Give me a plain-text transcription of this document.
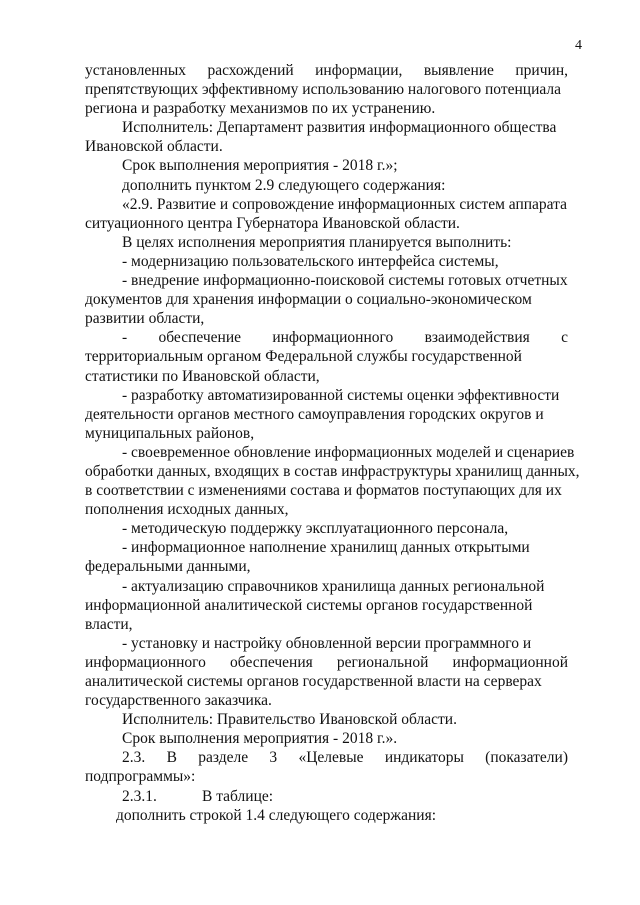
4
установленных расхождений информации, выявление причин,
препятствующих эффективному использованию налогового потенциала
региона и разработку механизмов по их устранению.
Исполнитель: Департамент развития информационного общества
Ивановской области.
Срок выполнения мероприятия - 2018 г.»;
дополнить пунктом 2.9 следующего содержания:
«2.9. Развитие и сопровождение информационных систем аппарата
ситуационного центра Губернатора Ивановской области.
В целях исполнения мероприятия планируется выполнить:
- модернизацию пользовательского интерфейса системы,
- внедрение информационно-поисковой системы готовых отчетных
документов для хранения информации о социально-экономическом
развитии области,
- обеспечение информационного взаимодействия с
территориальным органом Федеральной службы государственной
статистики по Ивановской области,
- разработку автоматизированной системы оценки эффективности
деятельности органов местного самоуправления городских округов и
муниципальных районов,
- своевременное обновление информационных моделей и сценариев
обработки данных, входящих в состав инфраструктуры хранилищ данных,
в соответствии с изменениями состава и форматов поступающих для их
пополнения исходных данных,
- методическую поддержку эксплуатационного персонала,
- информационное наполнение хранилищ данных открытыми
федеральными данными,
- актуализацию справочников хранилища данных региональной
информационной аналитической системы органов государственной
власти,
- установку и настройку обновленной версии программного и
информационного обеспечения региональной информационной
аналитической системы органов государственной власти на серверах
государственного заказчика.
Исполнитель: Правительство Ивановской области.
Срок выполнения мероприятия - 2018 г.».
2.3. В разделе 3 «Целевые индикаторы (показатели)
подпрограммы»:
2.3.1.	В таблице:
дополнить строкой 1.4 следующего содержания:
